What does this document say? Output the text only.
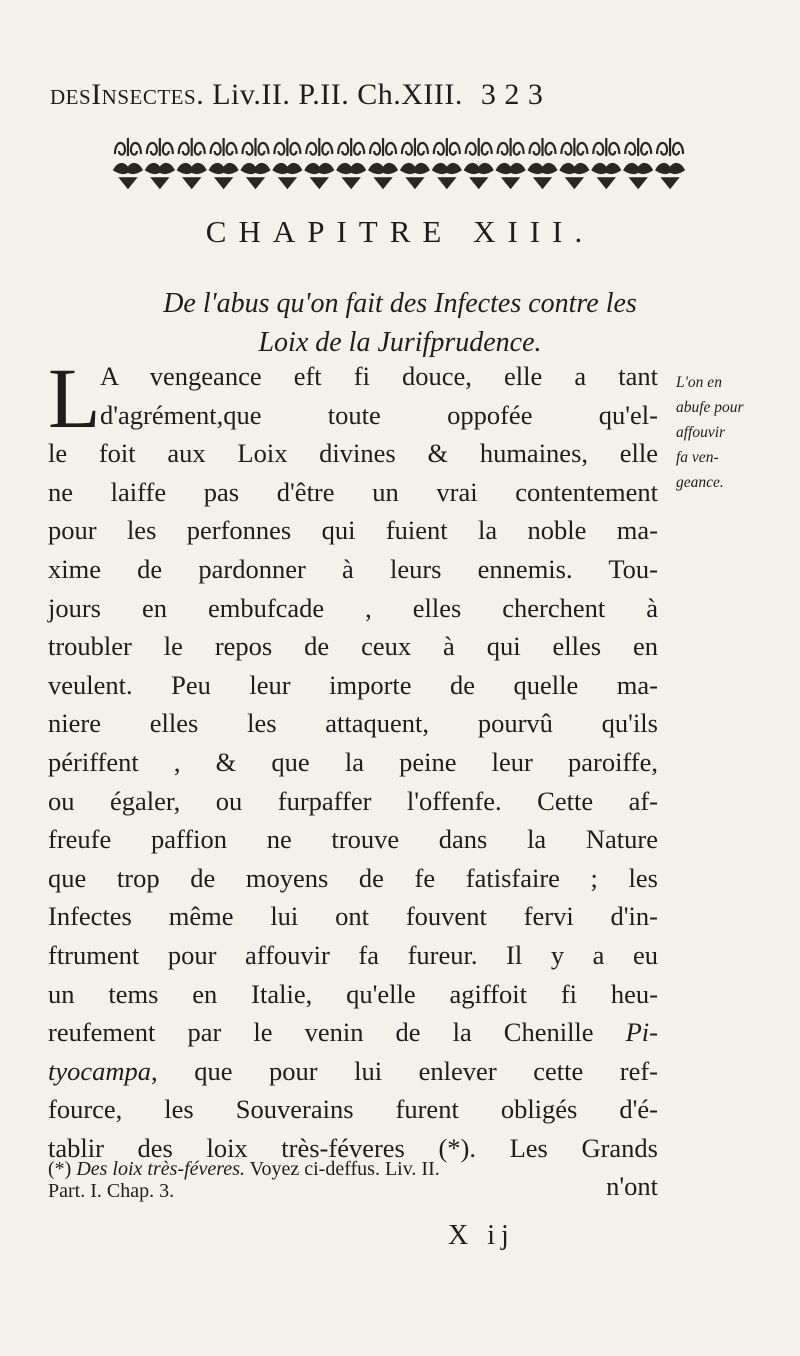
desInsectes. Liv.II. P.II. Ch.XIII. 3 2 3
CHAPITRE XIII.
De l'abus qu'on fait des Infectes contre les
Loix de la Jurifprudence.
L A vengeance eft fi douce, elle a tant
d'agrément,que toute oppofée qu'el-
le foit aux Loix divines & humaines, elle
ne laiffe pas d'être un vrai contentement
pour les perfonnes qui fuient la noble ma-
xime de pardonner à leurs ennemis. Tou-
jours en embufcade , elles cherchent à
troubler le repos de ceux à qui elles en
veulent. Peu leur importe de quelle ma-
niere elles les attaquent, pourvû qu'ils
périffent , & que la peine leur paroiffe,
ou égaler, ou furpaffer l'offenfe. Cette af-
freufe paffion ne trouve dans la Nature
que trop de moyens de fe fatisfaire ; les
Infectes même lui ont fouvent fervi d'in-
ftrument pour affouvir fa fureur. Il y a eu
un tems en Italie, qu'elle agiffoit fi heu-
reufement par le venin de la Chenille Pi-
tyocampa, que pour lui enlever cette ref-
fource, les Souverains furent obligés d'é-
tablir des loix très-féveres (*). Les Grands
n'ont
L'on en
abufe pour
affouvir
fa ven-
geance.
(*) Des loix très-féveres. Voyez ci-deffus. Liv. II.
Part. I. Chap. 3.
X ij
